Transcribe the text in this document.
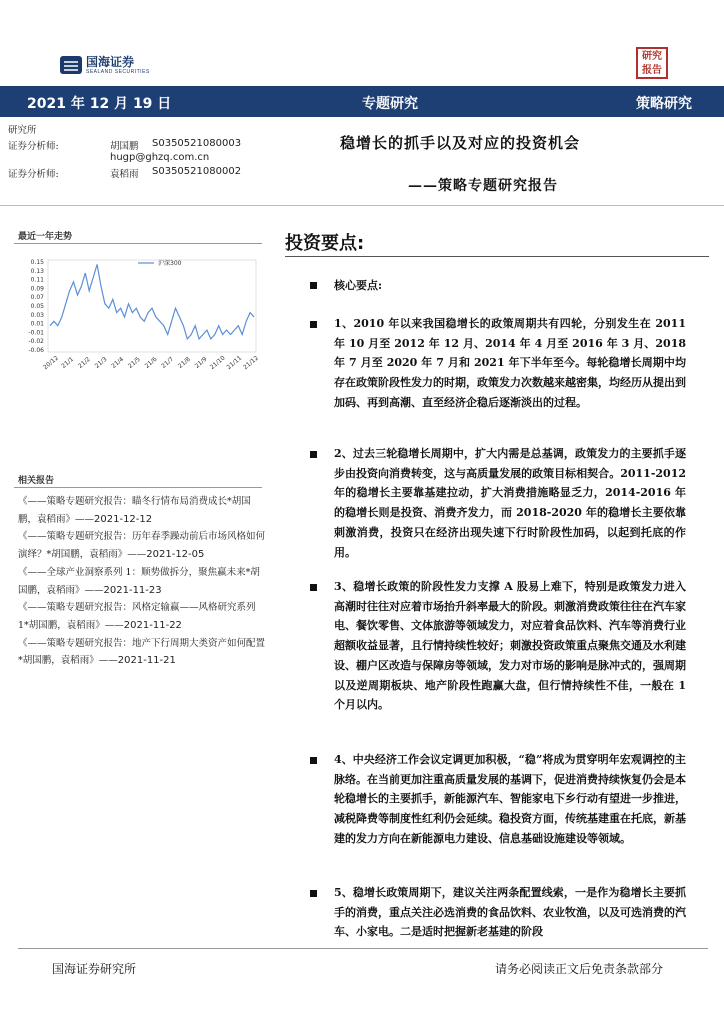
国海证券
SEALAND SECURITIES
研究
报告
2021 年 12 月 19 日	专题研究	策略研究
研究所
证券分析师:	胡国鹏 S0350521080003
hugp@ghzq.com.cn
证券分析师:	袁稻雨 S0350521080002
稳增长的抓手以及对应的投资机会
——策略专题研究报告
最近一年走势
0.15
0.13
0.11
0.09
0.07
0.05
0.03
0.01
-0.01
-0.02
-0.06
20/12 21/1 21/2 21/3 21/4 21/5 21/6 21/7 21/8 21/9 21/10
21/11
21/12
沪深300
相关报告
《——策略专题研究报告：瞄冬行情布局消费成长*胡国鹏，袁稻雨》——2021-12-12
《——策略专题研究报告：历年春季躁动前后市场风格如何演绎？*胡国鹏，袁稻雨》——2021-12-05
《——全球产业洞察系列 1：顺势做拆分，聚焦赢未来*胡国鹏，袁稻雨》——2021-11-23
《——策略专题研究报告：风格定输赢——风格研究系列 1*胡国鹏，袁稻雨》——2021-11-22
《——策略专题研究报告：地产下行周期大类资产如何配置*胡国鹏，袁稻雨》——2021-11-21
投资要点:
核心要点:
1、2010 年以来我国稳增长的政策周期共有四轮，分别发生在 2011 年 10 月至 2012 年 12 月、2014 年 4 月至 2016 年 3 月、2018 年 7 月至 2020 年 7 月和 2021 年下半年至今。每轮稳增长周期中均存在政策阶段性发力的时期，政策发力次数越来越密集，均经历从提出到加码、再到高潮、直至经济企稳后逐渐淡出的过程。
2、过去三轮稳增长周期中，扩大内需是总基调，政策发力的主要抓手逐步由投资向消费转变，这与高质量发展的政策目标相契合。2011-2012 年的稳增长主要靠基建拉动，扩大消费措施略显乏力，2014-2016 年的稳增长则是投资、消费齐发力，而 2018-2020 年的稳增长主要依靠刺激消费，投资只在经济出现失速下行时阶段性加码，以起到托底的作用。
3、稳增长政策的阶段性发力支撑 A 股易上难下，特别是政策发力进入高潮时往往对应着市场抬升斜率最大的阶段。刺激消费政策往往在汽车家电、餐饮零售、文体旅游等领域发力，对应着食品饮料、汽车等消费行业超额收益显著，且行情持续性较好；刺激投资政策重点聚焦交通及水利建设、棚户区改造与保障房等领域，发力对市场的影响是脉冲式的，强周期以及逆周期板块、地产阶段性跑赢大盘，但行情持续性不佳，一般在 1 个月以内。
4、中央经济工作会议定调更加积极，“稳”将成为贯穿明年宏观调控的主脉络。在当前更加注重高质量发展的基调下，促进消费持续恢复仍会是本轮稳增长的主要抓手，新能源汽车、智能家电下乡行动有望进一步推进，减税降费等制度性红利仍会延续。稳投资方面，传统基建重在托底，新基建的发力方向在新能源电力建设、信息基础设施建设等领域。
5、稳增长政策周期下，建议关注两条配置线索，一是作为稳增长主要抓手的消费，重点关注必选消费的食品饮料、农业牧渔，以及可选消费的汽车、小家电。二是适时把握新老基建的阶段
国海证券研究所	请务必阅读正文后免责条款部分
